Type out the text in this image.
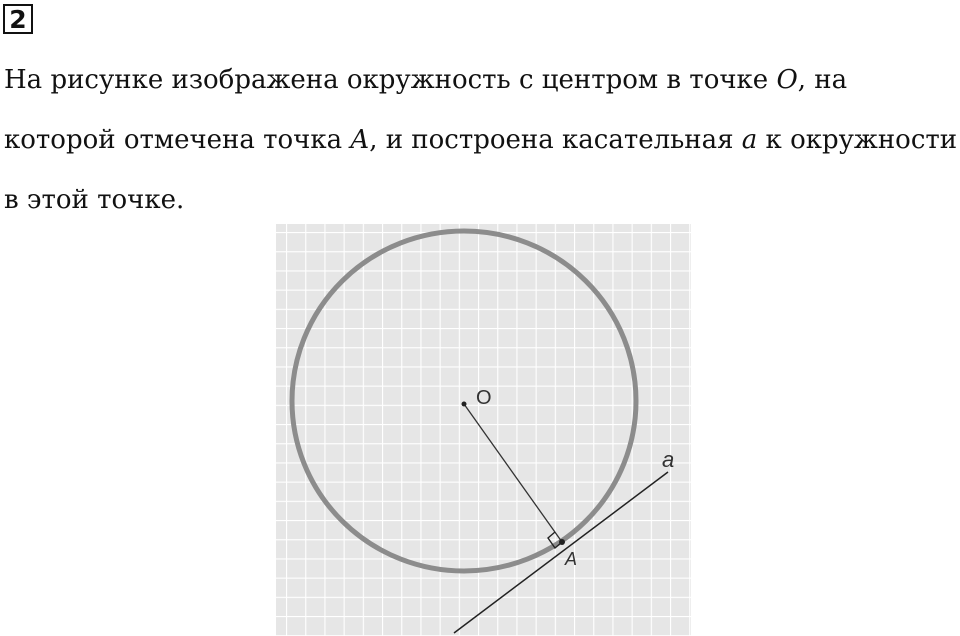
2

На рисунке изображена окружность с центром в точке O, на

которой отмечена точка A, и построена касательная a к окружности

в этой точке.

O
A
a
